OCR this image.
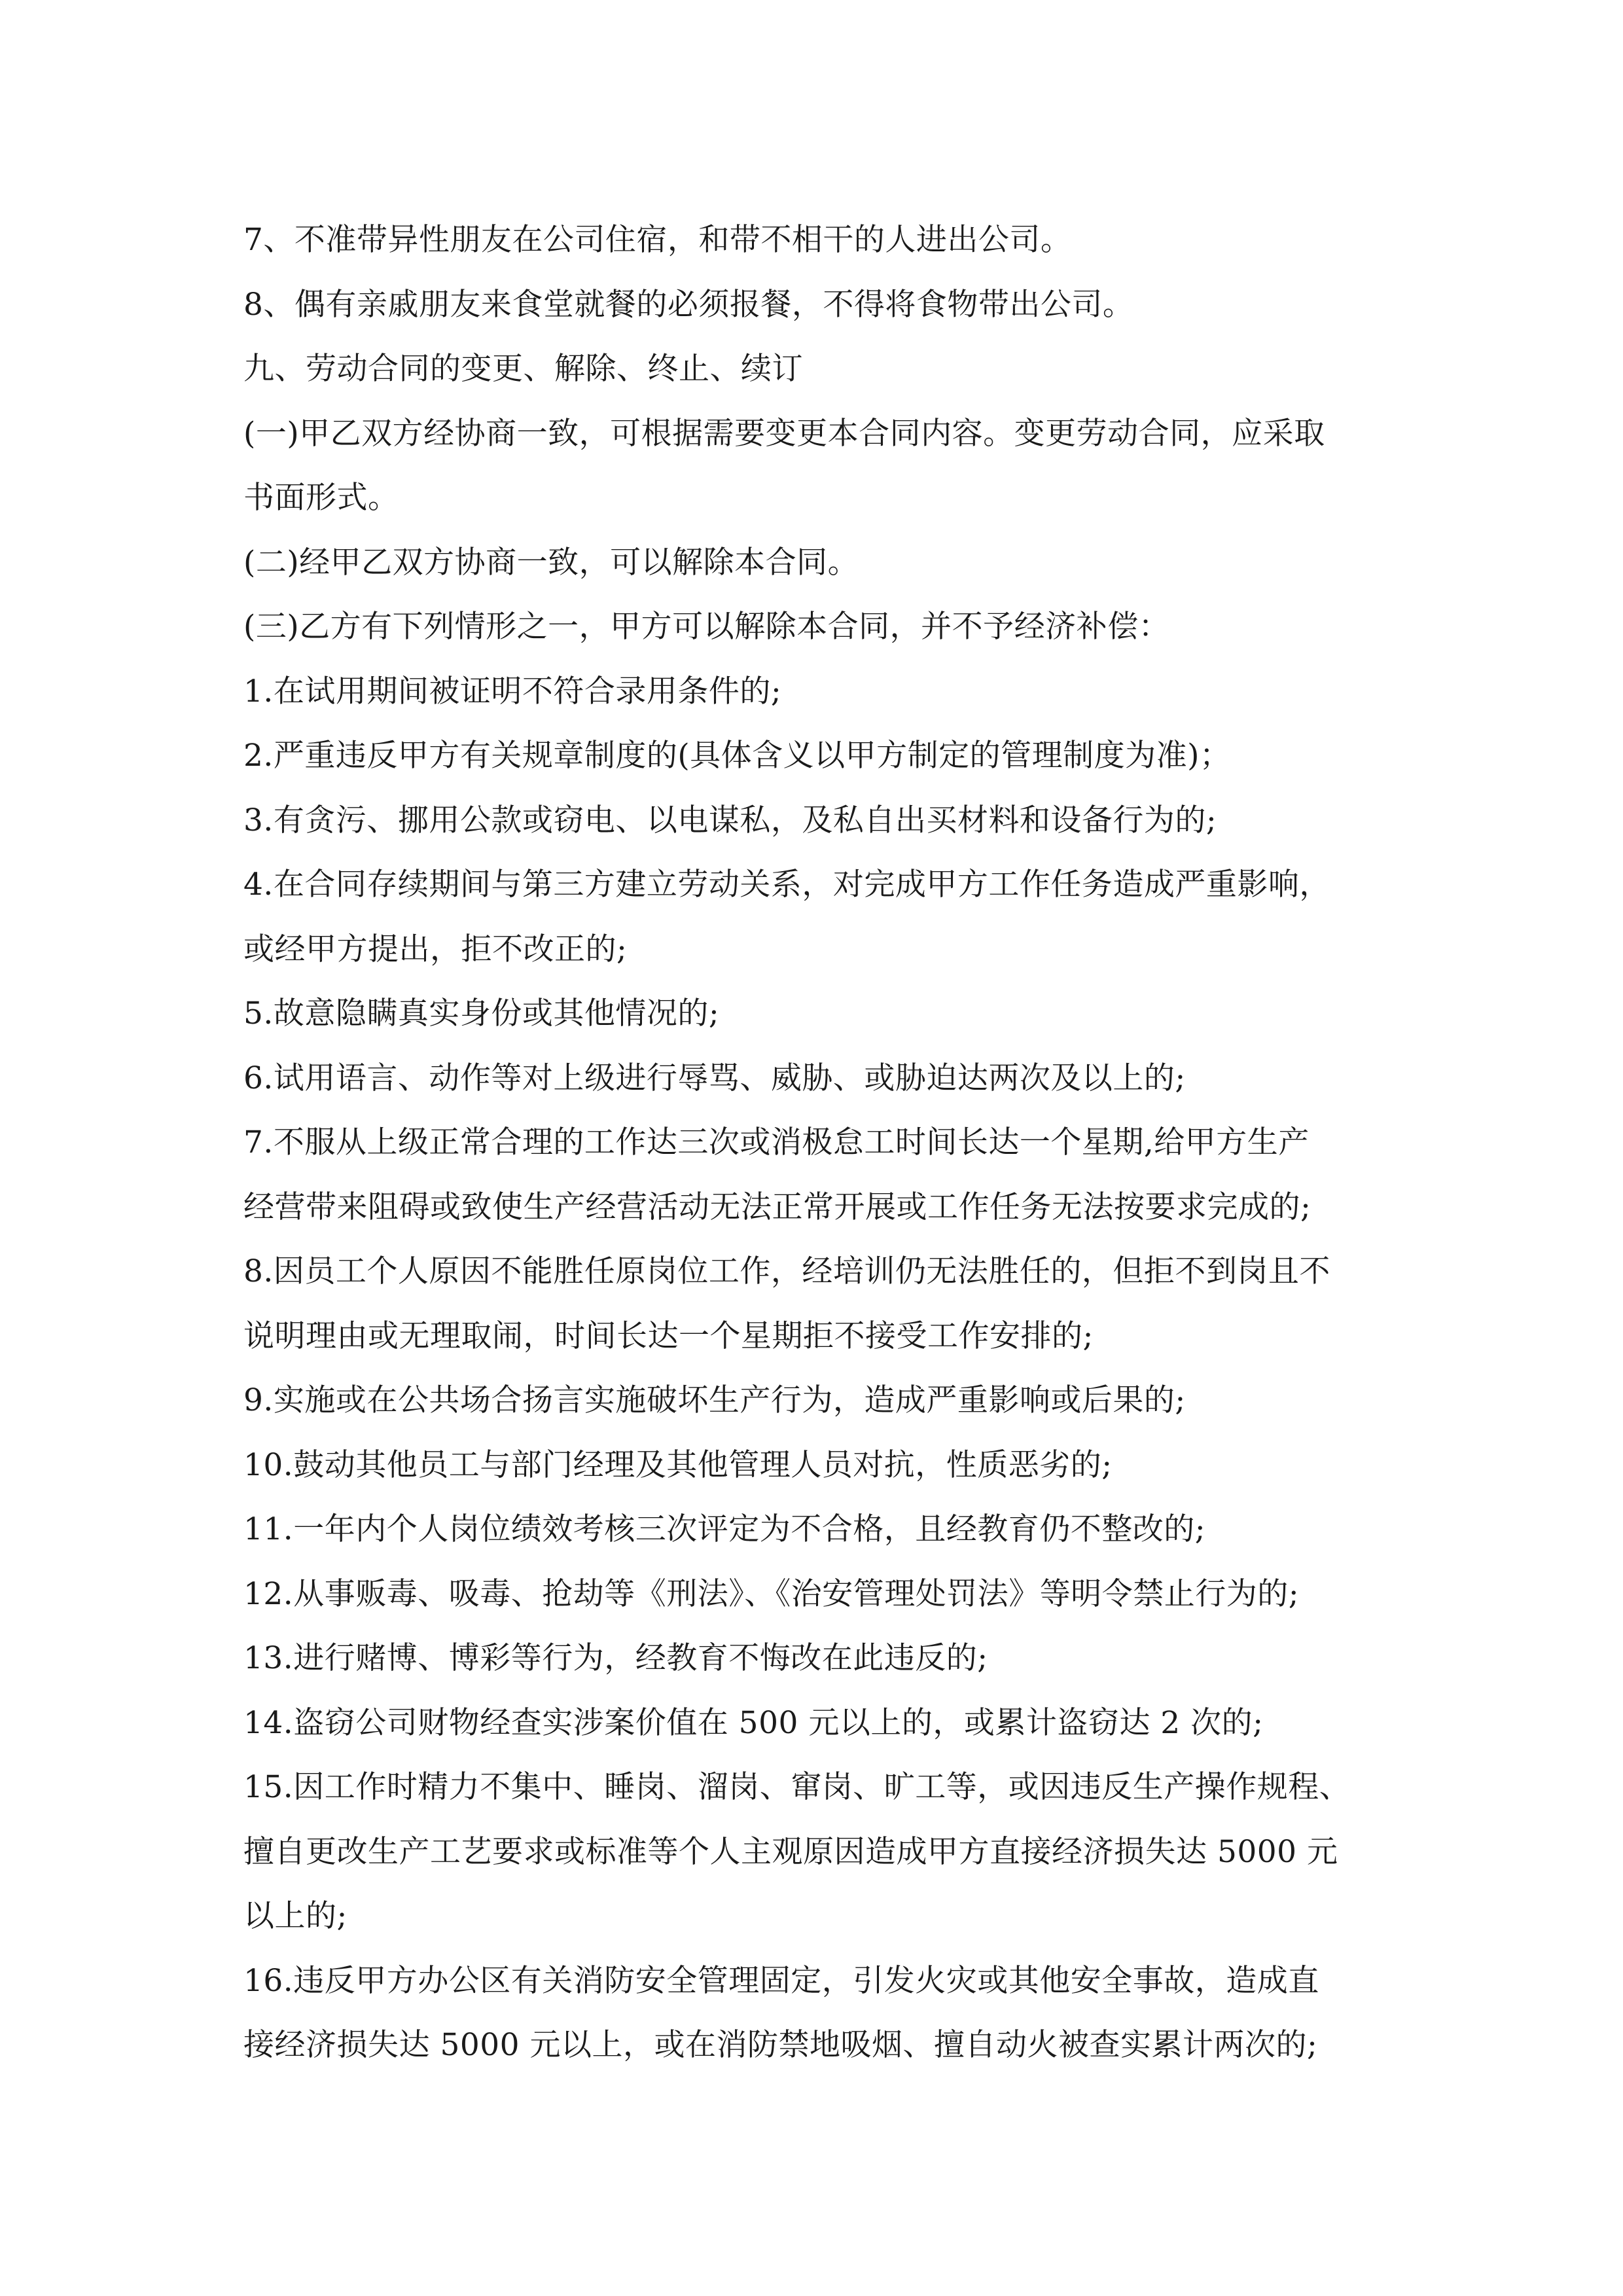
7、不准带异性朋友在公司住宿，和带不相干的人进出公司。
8、偶有亲戚朋友来食堂就餐的必须报餐，不得将食物带出公司。
九、劳动合同的变更、解除、终止、续订
(一)甲乙双方经协商一致，可根据需要变更本合同内容。变更劳动合同，应采取
书面形式。
(二)经甲乙双方协商一致，可以解除本合同。
(三)乙方有下列情形之一，甲方可以解除本合同，并不予经济补偿：
1.在试用期间被证明不符合录用条件的;
2.严重违反甲方有关规章制度的(具体含义以甲方制定的管理制度为准)；
3.有贪污、挪用公款或窃电、以电谋私，及私自出买材料和设备行为的;
4.在合同存续期间与第三方建立劳动关系，对完成甲方工作任务造成严重影响，
或经甲方提出，拒不改正的;
5.故意隐瞒真实身份或其他情况的;
6.试用语言、动作等对上级进行辱骂、威胁、或胁迫达两次及以上的;
7.不服从上级正常合理的工作达三次或消极怠工时间长达一个星期,给甲方生产
经营带来阻碍或致使生产经营活动无法正常开展或工作任务无法按要求完成的;
8.因员工个人原因不能胜任原岗位工作，经培训仍无法胜任的，但拒不到岗且不
说明理由或无理取闹，时间长达一个星期拒不接受工作安排的;
9.实施或在公共场合扬言实施破坏生产行为，造成严重影响或后果的;
10.鼓动其他员工与部门经理及其他管理人员对抗，性质恶劣的;
11.一年内个人岗位绩效考核三次评定为不合格，且经教育仍不整改的;
12.从事贩毒、吸毒、抢劫等《刑法》、《治安管理处罚法》等明令禁止行为的;
13.进行赌博、博彩等行为，经教育不悔改在此违反的;
14.盗窃公司财物经查实涉案价值在 500 元以上的，或累计盗窃达 2 次的;
15.因工作时精力不集中、睡岗、溜岗、窜岗、旷工等，或因违反生产操作规程、
擅自更改生产工艺要求或标准等个人主观原因造成甲方直接经济损失达 5000 元
以上的;
16.违反甲方办公区有关消防安全管理固定，引发火灾或其他安全事故，造成直
接经济损失达 5000 元以上，或在消防禁地吸烟、擅自动火被查实累计两次的;
